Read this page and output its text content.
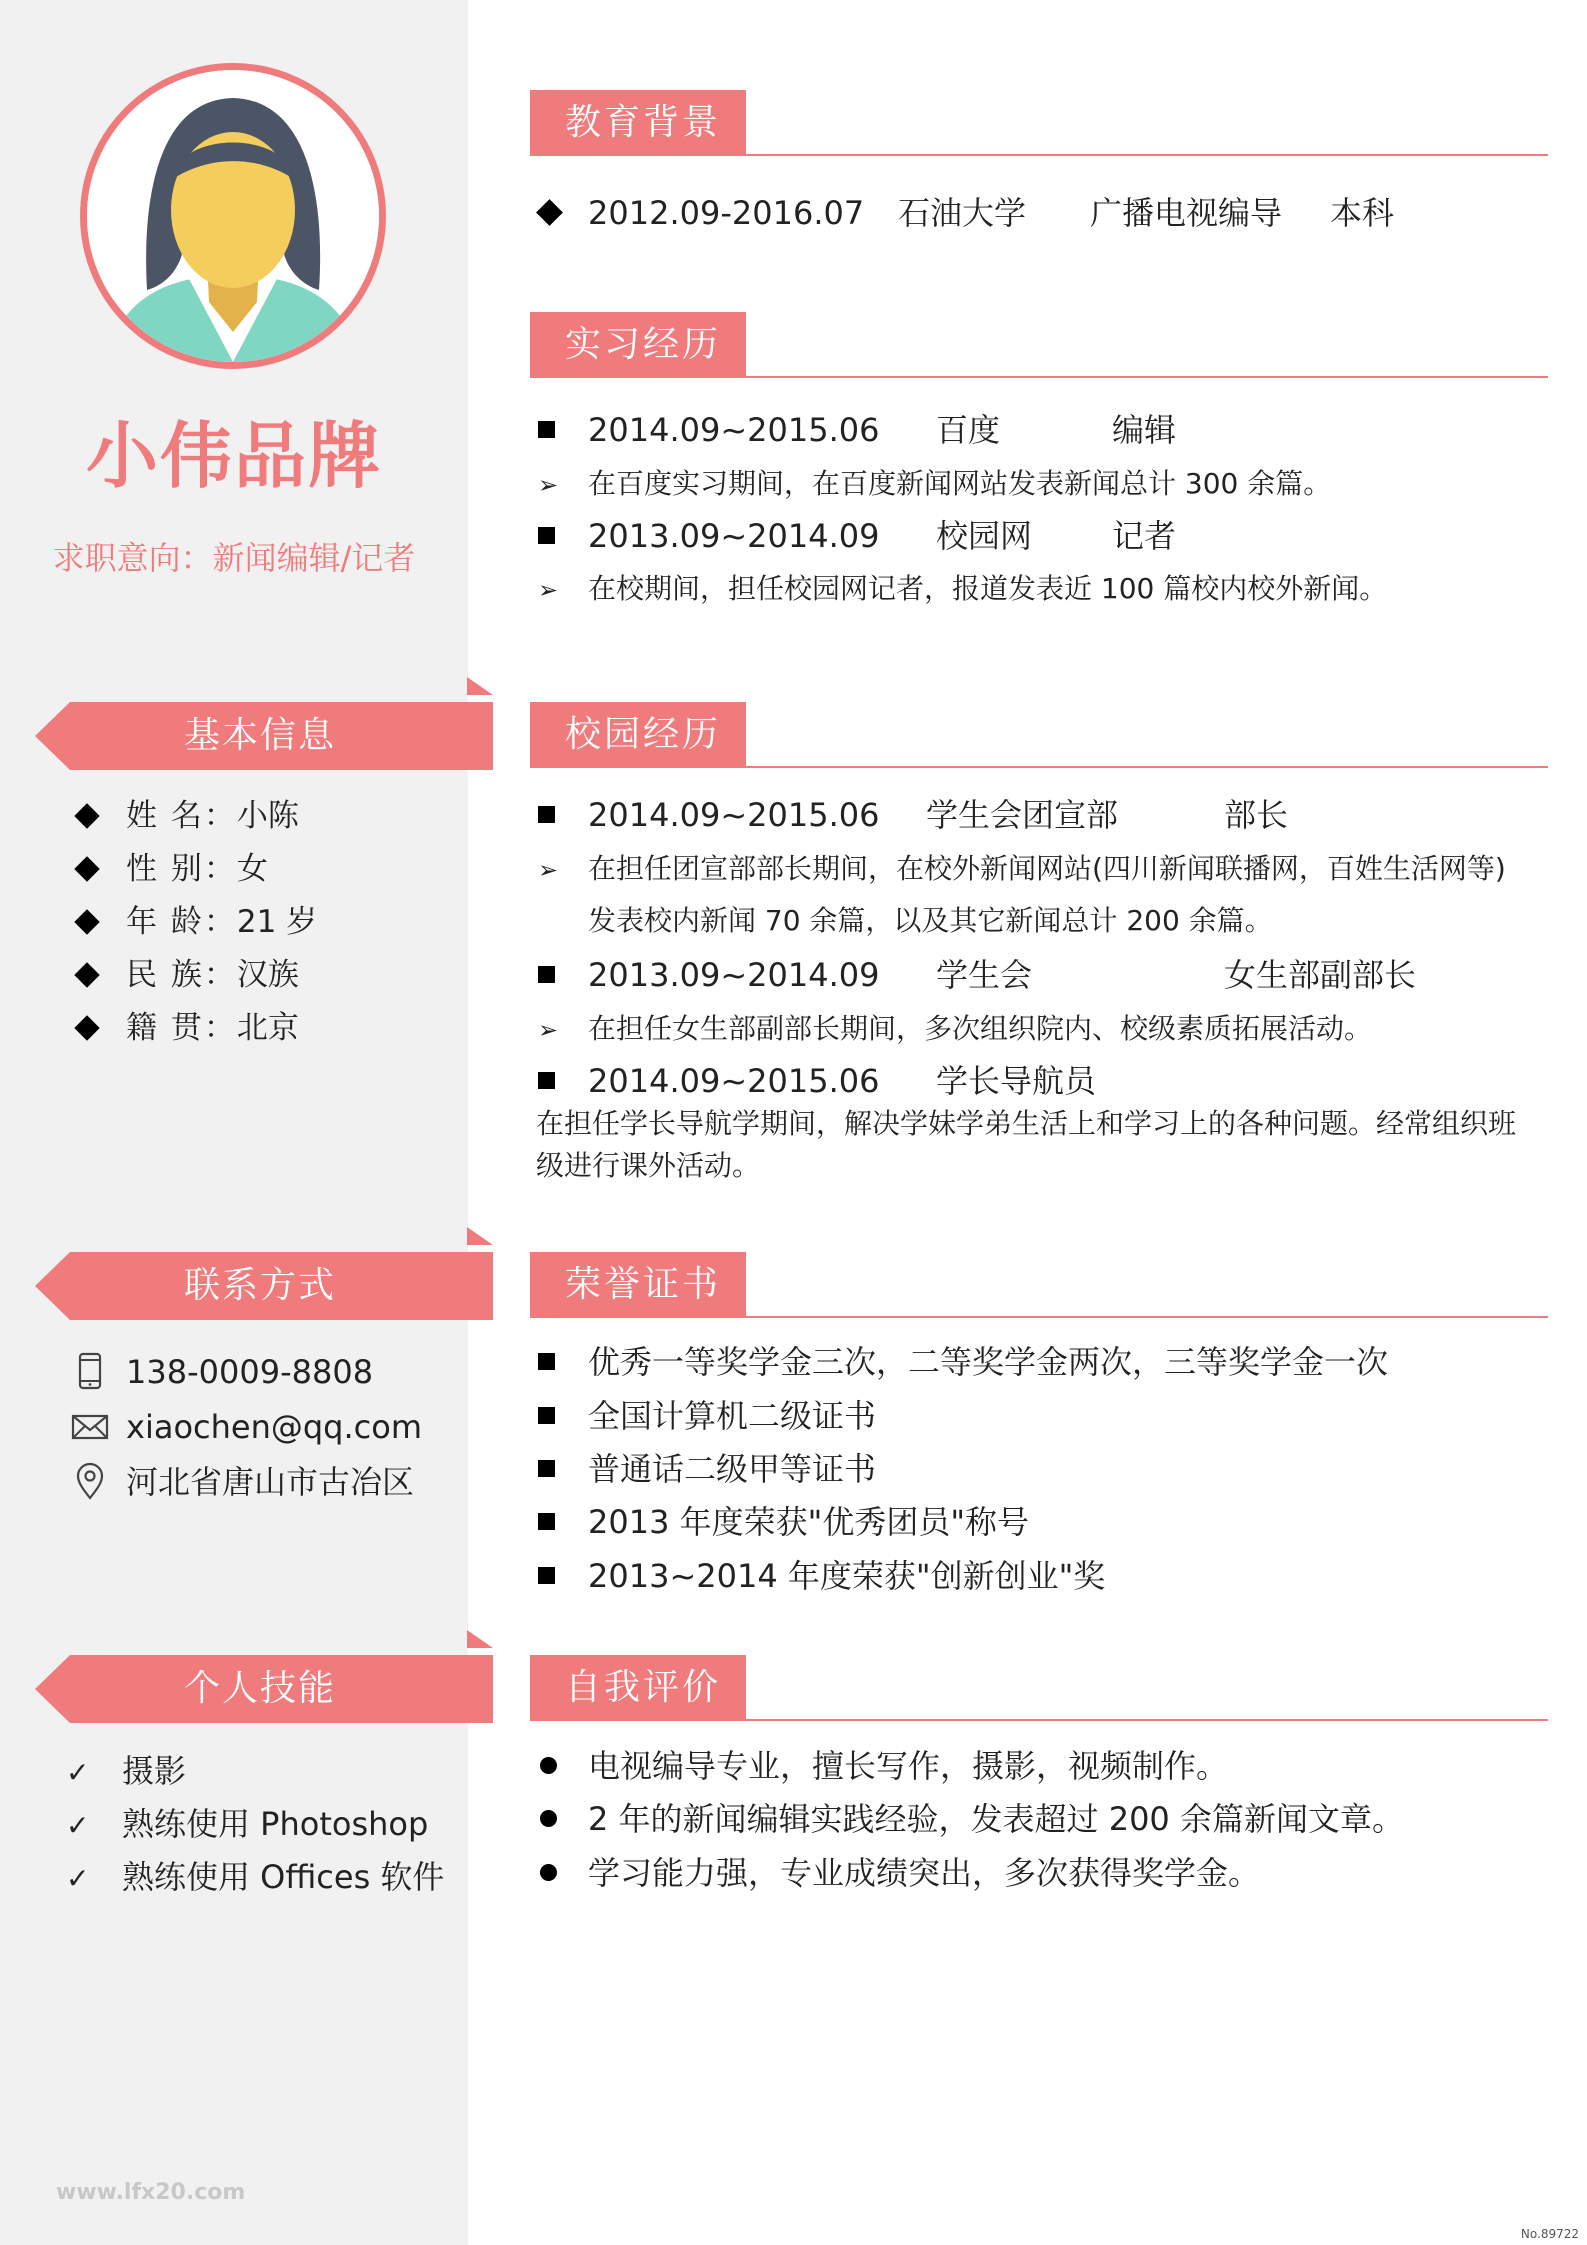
小伟品牌
求职意向：新闻编辑/记者
基本信息
姓 名：小陈
性 别：女
年 龄：21 岁
民 族：汉族
籍 贯：北京
联系方式
138-0009-8808
xiaochen@qq.com
河北省唐山市古冶区
个人技能
✓ 摄影
✓ 熟练使用 Photoshop
✓ 熟练使用 Offices 软件
www.lfx20.com
教育背景
2012.09-2016.07 石油大学 广播电视编导 本科
实习经历
2014.09~2015.06 百度	编辑
➢ 在百度实习期间，在百度新闻网站发表新闻总计 300 余篇。
2013.09~2014.09 校园网 记者
➢ 在校期间，担任校园网记者，报道发表近 100 篇校内校外新闻。
校园经历
2014.09~2015.06 学生会团宣部	部长
➢ 在担任团宣部部长期间，在校外新闻网站(四川新闻联播网，百姓生活网等)
发表校内新闻 70 余篇，以及其它新闻总计 200 余篇。
2013.09~2014.09 学生会	女生部副部长
➢ 在担任女生部副部长期间，多次组织院内、校级素质拓展活动。
2014.09~2015.06 学长导航员
在担任学长导航学期间，解决学妹学弟生活上和学习上的各种问题。经常组织班
级进行课外活动。
荣誉证书
优秀一等奖学金三次，二等奖学金两次，三等奖学金一次
全国计算机二级证书
普通话二级甲等证书
2013 年度荣获"优秀团员"称号
2013~2014 年度荣获"创新创业"奖
自我评价
电视编导专业，擅长写作，摄影，视频制作。
2 年的新闻编辑实践经验，发表超过 200 余篇新闻文章。
学习能力强，专业成绩突出，多次获得奖学金。
No.89722
